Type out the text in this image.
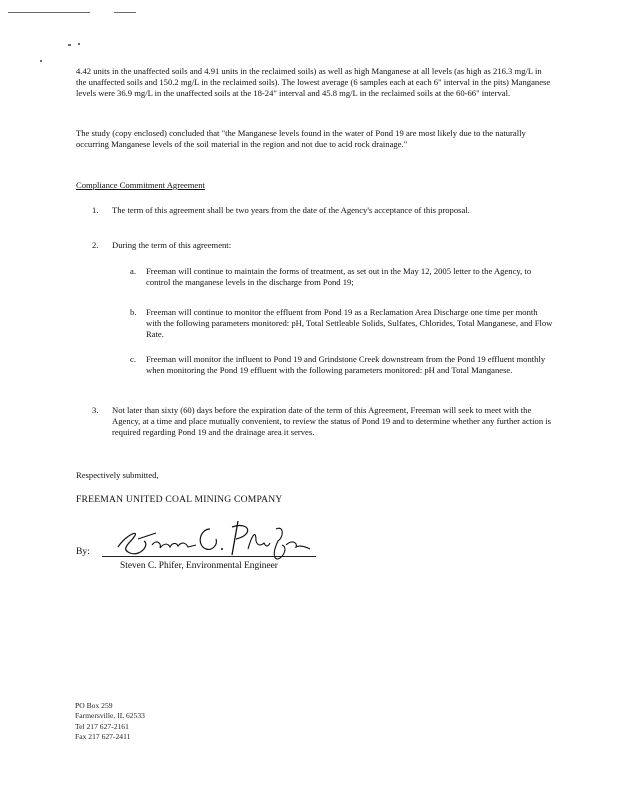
4.42 units in the unaffected soils and 4.91 units in the reclaimed soils) as well as high Manganese at all levels (as high as 216.3 mg/L in the unaffected soils and 150.2 mg/L in the reclaimed soils). The lowest average (6 samples each at each 6" interval in the pits) Manganese levels were 36.9 mg/L in the unaffected soils at the 18-24" interval and 45.8 mg/L in the reclaimed soils at the 60-66" interval.
The study (copy enclosed) concluded that "the Manganese levels found in the water of Pond 19 are most likely due to the naturally occurring Manganese levels of the soil material in the region and not due to acid rock drainage."
Compliance Commitment Agreement
1. The term of this agreement shall be two years from the date of the Agency's acceptance of this proposal.
2. During the term of this agreement:
a. Freeman will continue to maintain the forms of treatment, as set out in the May 12, 2005 letter to the Agency, to control the manganese levels in the discharge from Pond 19;
b. Freeman will continue to monitor the effluent from Pond 19 as a Reclamation Area Discharge one time per month with the following parameters monitored: pH, Total Settleable Solids, Sulfates, Chlorides, Total Manganese, and Flow Rate.
c. Freeman will monitor the influent to Pond 19 and Grindstone Creek downstream from the Pond 19 effluent monthly when monitoring the Pond 19 effluent with the following parameters monitored: pH and Total Manganese.
3. Not later than sixty (60) days before the expiration date of the term of this Agreement, Freeman will seek to meet with the Agency, at a time and place mutually convenient, to review the status of Pond 19 and to determine whether any further action is required regarding Pond 19 and the drainage area it serves.
Respectively submitted,
FREEMAN UNITED COAL MINING COMPANY
By:
Steven C. Phifer, Environmental Engineer
PO Box 259
Farmersville, IL 62533
Tel 217 627-2161
Fax 217 627-2411
